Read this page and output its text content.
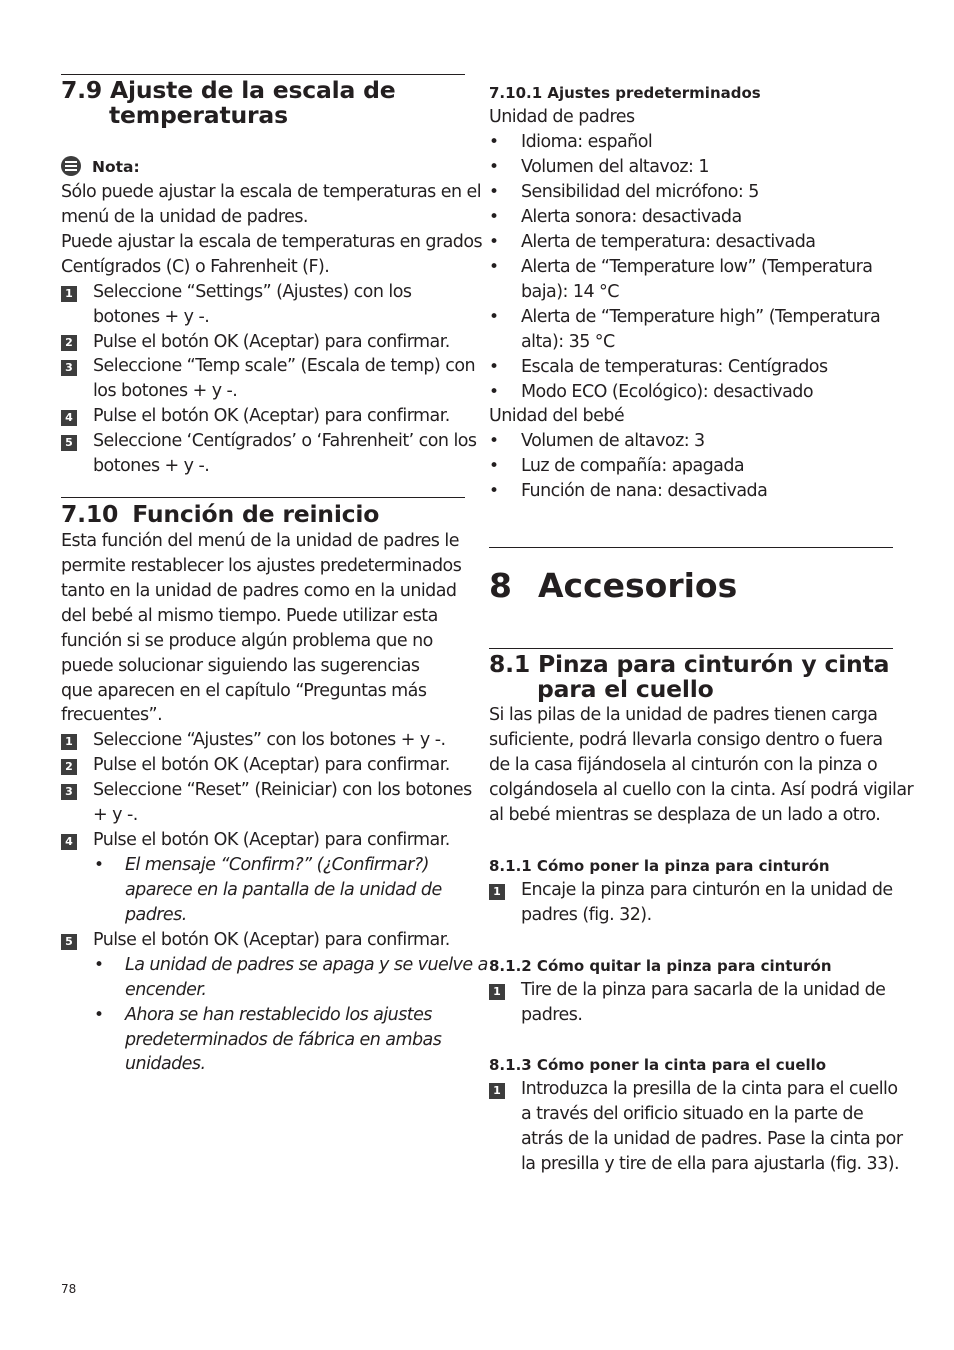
7.9 Ajuste de la escala de
temperaturas
Nota:
Sólo puede ajustar la escala de temperaturas en el
menú de la unidad de padres.
Puede ajustar la escala de temperaturas en grados
Centígrados (C) o Fahrenheit (F).
1 Seleccione “Settings” (Ajustes) con los
botones + y -.
2 Pulse el botón OK (Aceptar) para confirmar.
3 Seleccione “Temp scale” (Escala de temp) con
los botones + y -.
4 Pulse el botón OK (Aceptar) para confirmar.
5 Seleccione ‘Centígrados’ o ‘Fahrenheit’ con los
botones + y -.
7.10 Función de reinicio
Esta función del menú de la unidad de padres le
permite restablecer los ajustes predeterminados
tanto en la unidad de padres como en la unidad
del bebé al mismo tiempo. Puede utilizar esta
función si se produce algún problema que no
puede solucionar siguiendo las sugerencias
que aparecen en el capítulo “Preguntas más
frecuentes”.
1 Seleccione “Ajustes” con los botones + y -.
2 Pulse el botón OK (Aceptar) para confirmar.
3 Seleccione “Reset” (Reiniciar) con los botones
+ y -.
4 Pulse el botón OK (Aceptar) para confirmar.
• El mensaje “Confirm?” (¿Confirmar?)
aparece en la pantalla de la unidad de
padres.
5 Pulse el botón OK (Aceptar) para confirmar.
• La unidad de padres se apaga y se vuelve a
encender.
• Ahora se han restablecido los ajustes
predeterminados de fábrica en ambas
unidades.
7.10.1 Ajustes predeterminados
Unidad de padres
• Idioma: español
• Volumen del altavoz: 1
• Sensibilidad del micrófono: 5
• Alerta sonora: desactivada
• Alerta de temperatura: desactivada
• Alerta de “Temperature low” (Temperatura
baja): 14 °C
• Alerta de “Temperature high” (Temperatura
alta): 35 °C
• Escala de temperaturas: Centígrados
• Modo ECO (Ecológico): desactivado
Unidad del bebé
• Volumen de altavoz: 3
• Luz de compañía: apagada
• Función de nana: desactivada
8 Accesorios
8.1 Pinza para cinturón y cinta
para el cuello
Si las pilas de la unidad de padres tienen carga
suficiente, podrá llevarla consigo dentro o fuera
de la casa fijándosela al cinturón con la pinza o
colgándosela al cuello con la cinta. Así podrá vigilar
al bebé mientras se desplaza de un lado a otro.
8.1.1 Cómo poner la pinza para cinturón
1 Encaje la pinza para cinturón en la unidad de
padres (fig. 32).
8.1.2 Cómo quitar la pinza para cinturón
1 Tire de la pinza para sacarla de la unidad de
padres.
8.1.3 Cómo poner la cinta para el cuello
1 Introduzca la presilla de la cinta para el cuello
a través del orificio situado en la parte de
atrás de la unidad de padres. Pase la cinta por
la presilla y tire de ella para ajustarla (fig. 33).
78
